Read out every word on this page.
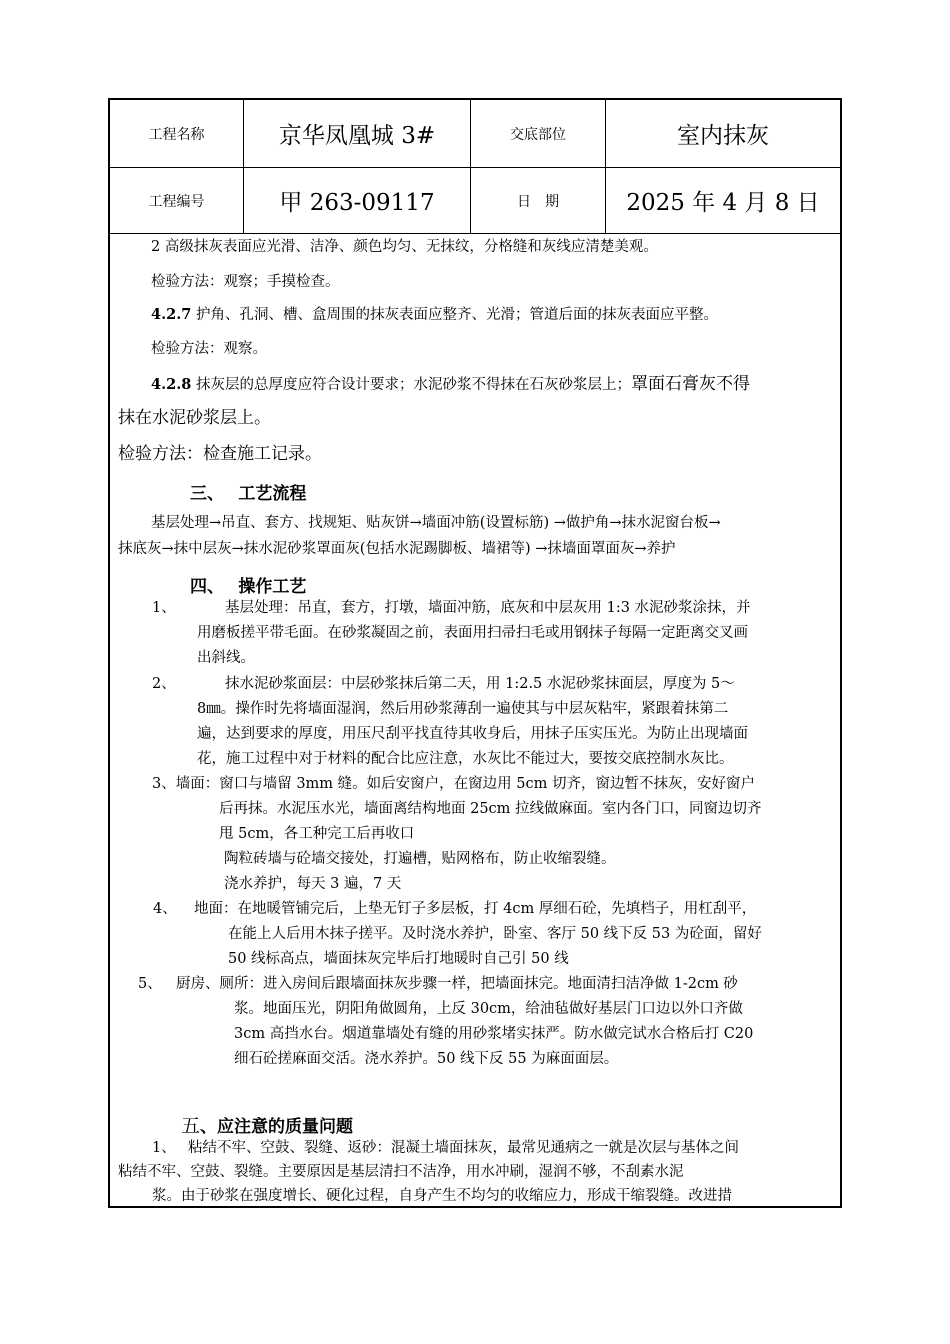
工程名称	京华凤凰城 3#	交底部位	室内抹灰
工程编号	甲 263-09117	日　期	2025 年 4 月 8 日
2 高级抹灰表面应光滑、洁净、颜色均匀、无抹纹，分格缝和灰线应清楚美观。
检验方法：观察；手摸检查。
4.2.7 护角、孔洞、槽、盒周围的抹灰表面应整齐、光滑；管道后面的抹灰表面应平整。
检验方法：观察。
4.2.8 抹灰层的总厚度应符合设计要求；水泥砂浆不得抹在石灰砂浆层上；罩面石膏灰不得
抹在水泥砂浆层上。
检验方法：检查施工记录。
三、　 工艺流程
基层处理→吊直、套方、找规矩、贴灰饼→墙面冲筋(设置标筋) →做护角→抹水泥窗台板→
抹底灰→抹中层灰→抹水泥砂浆罩面灰(包括水泥踢脚板、墙裙等) →抹墙面罩面灰→养护
四、　 操作工艺
1、	基层处理：吊直，套方，打墩，墙面冲筋，底灰和中层灰用 1:3 水泥砂浆涂抹，并
用磨板搓平带毛面。在砂浆凝固之前，表面用扫帚扫毛或用钢抹子每隔一定距离交叉画
出斜线。
2、	抹水泥砂浆面层：中层砂浆抹后第二天，用 1:2.5 水泥砂浆抹面层，厚度为 5～
8㎜。操作时先将墙面湿润，然后用砂浆薄刮一遍使其与中层灰粘牢，紧跟着抹第二
遍，达到要求的厚度，用压尺刮平找直待其收身后，用抹子压实压光。为防止出现墙面
花，施工过程中对于材料的配合比应注意，水灰比不能过大，要按交底控制水灰比。
3、墙面：窗口与墙留 3mm 缝。如后安窗户，在窗边用 5cm 切齐，窗边暂不抹灰，安好窗户
后再抹。水泥压水光，墙面离结构地面 25cm 拉线做麻面。室内各门口，同窗边切齐
甩 5cm，各工种完工后再收口
陶粒砖墙与砼墙交接处，打遍槽，贴网格布，防止收缩裂缝。
浇水养护，每天 3 遍，7 天
4、 地面：在地暖管铺完后，上垫无钉子多层板，打 4cm 厚细石砼，先填档子，用杠刮平，
在能上人后用木抹子搓平。及时浇水养护，卧室、客厅 50 线下反 53 为砼面，留好
50 线标高点，墙面抹灰完毕后打地暖时自己引 50 线
5、 厨房、厕所：进入房间后跟墙面抹灰步骤一样，把墙面抹完。地面清扫洁净做 1-2cm 砂
浆。地面压光，阴阳角做圆角，上反 30cm，给油毡做好基层门口边以外口齐做
3cm 高挡水台。烟道靠墙处有缝的用砂浆堵实抹严。防水做完试水合格后打 C20
细石砼搓麻面交活。浇水养护。50 线下反 55 为麻面面层。
五、应注意的质量问题
1、 粘结不牢、空鼓、裂缝、返砂：混凝土墙面抹灰，最常见通病之一就是次层与基体之间
粘结不牢、空鼓、裂缝。主要原因是基层清扫不洁净，用水冲刷，湿润不够，不刮素水泥
浆。由于砂浆在强度增长、硬化过程，自身产生不均匀的收缩应力，形成干缩裂缝。改进措
